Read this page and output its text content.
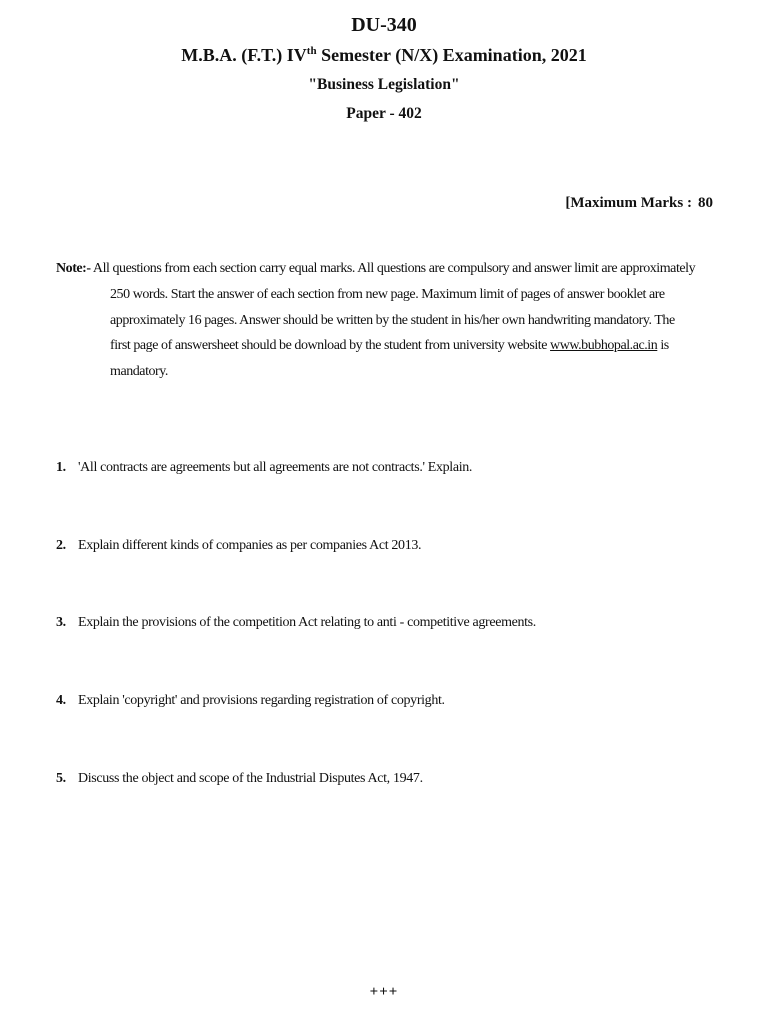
DU-340
M.B.A. (F.T.) IVth Semester (N/X) Examination, 2021
"Business Legislation"
Paper - 402
[Maximum Marks : 80
Note:- All questions from each section carry equal marks. All questions are compulsory and answer limit are approximately
250 words. Start the answer of each section from new page. Maximum limit of pages of answer booklet are
approximately 16 pages. Answer should be written by the student in his/her own handwriting mandatory. The
first page of answersheet should be download by the student from university website www.bubhopal.ac.in is
mandatory.
1. 'All contracts are agreements but all agreements are not contracts.' Explain.
2. Explain different kinds of companies as per companies Act 2013.
3. Explain the provisions of the competition Act relating to anti - competitive agreements.
4. Explain 'copyright' and provisions regarding registration of copyright.
5. Discuss the object and scope of the Industrial Disputes Act, 1947.
+++
